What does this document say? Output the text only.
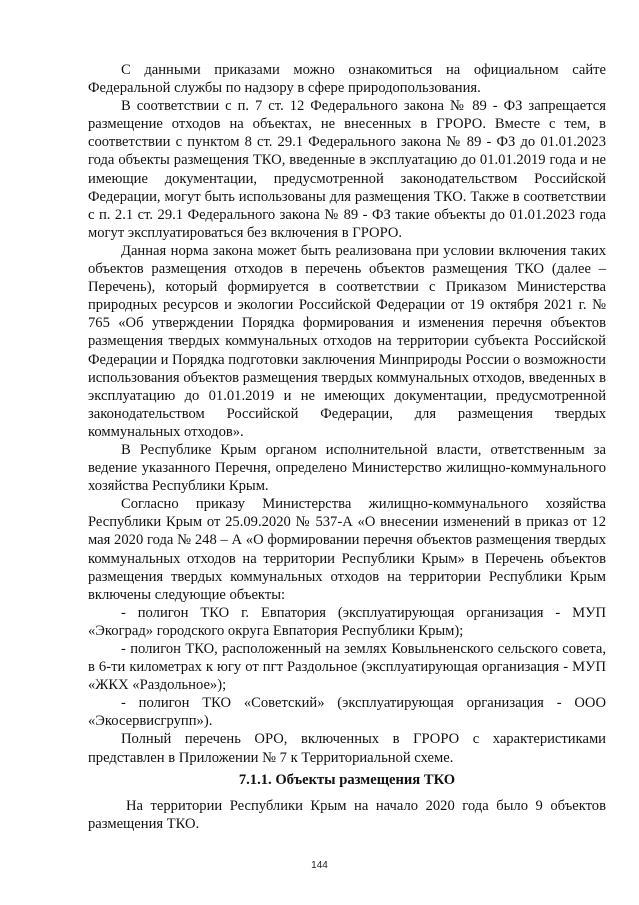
С данными приказами можно ознакомиться на официальном сайте Федеральной службы по надзору в сфере природопользования.

В соответствии с п. 7 ст. 12 Федерального закона № 89 - ФЗ запрещается размещение отходов на объектах, не внесенных в ГРОРО. Вместе с тем, в соответствии с пунктом 8 ст. 29.1 Федерального закона № 89 - ФЗ до 01.01.2023 года объекты размещения ТКО, введенные в эксплуатацию до 01.01.2019 года и не имеющие документации, предусмотренной законодательством Российской Федерации, могут быть использованы для размещения ТКО. Также в соответствии с п. 2.1 ст. 29.1 Федерального закона № 89 - ФЗ такие объекты до 01.01.2023 года могут эксплуатироваться без включения в ГРОРО.

Данная норма закона может быть реализована при условии включения таких объектов размещения отходов в перечень объектов размещения ТКО (далее – Перечень), который формируется в соответствии с Приказом Министерства природных ресурсов и экологии Российской Федерации от 19 октября 2021 г. № 765 «Об утверждении Порядка формирования и изменения перечня объектов размещения твердых коммунальных отходов на территории субъекта Российской Федерации и Порядка подготовки заключения Минприроды России о возможности использования объектов размещения твердых коммунальных отходов, введенных в эксплуатацию до 01.01.2019 и не имеющих документации, предусмотренной законодательством Российской Федерации, для размещения твердых коммунальных отходов».

В Республике Крым органом исполнительной власти, ответственным за ведение указанного Перечня, определено Министерство жилищно-коммунального хозяйства Республики Крым.

Согласно приказу Министерства жилищно-коммунального хозяйства Республики Крым от 25.09.2020 № 537-А «О внесении изменений в приказ от 12 мая 2020 года № 248 – А «О формировании перечня объектов размещения твердых коммунальных отходов на территории Республики Крым» в Перечень объектов размещения твердых коммунальных отходов на территории Республики Крым включены следующие объекты:

- полигон ТКО г. Евпатория (эксплуатирующая организация - МУП «Экоград» городского округа Евпатория Республики Крым);

- полигон ТКО, расположенный на землях Ковыльненского сельского совета, в 6-ти километрах к югу от пгт Раздольное (эксплуатирующая организация - МУП «ЖКХ «Раздольное»);

- полигон ТКО «Советский» (эксплуатирующая организация - ООО «Экосервисгрупп»).

Полный перечень ОРО, включенных в ГРОРО с характеристиками представлен в Приложении № 7 к Территориальной схеме.

7.1.1. Объекты размещения ТКО

На территории Республики Крым на начало 2020 года было 9 объектов размещения ТКО.

144
